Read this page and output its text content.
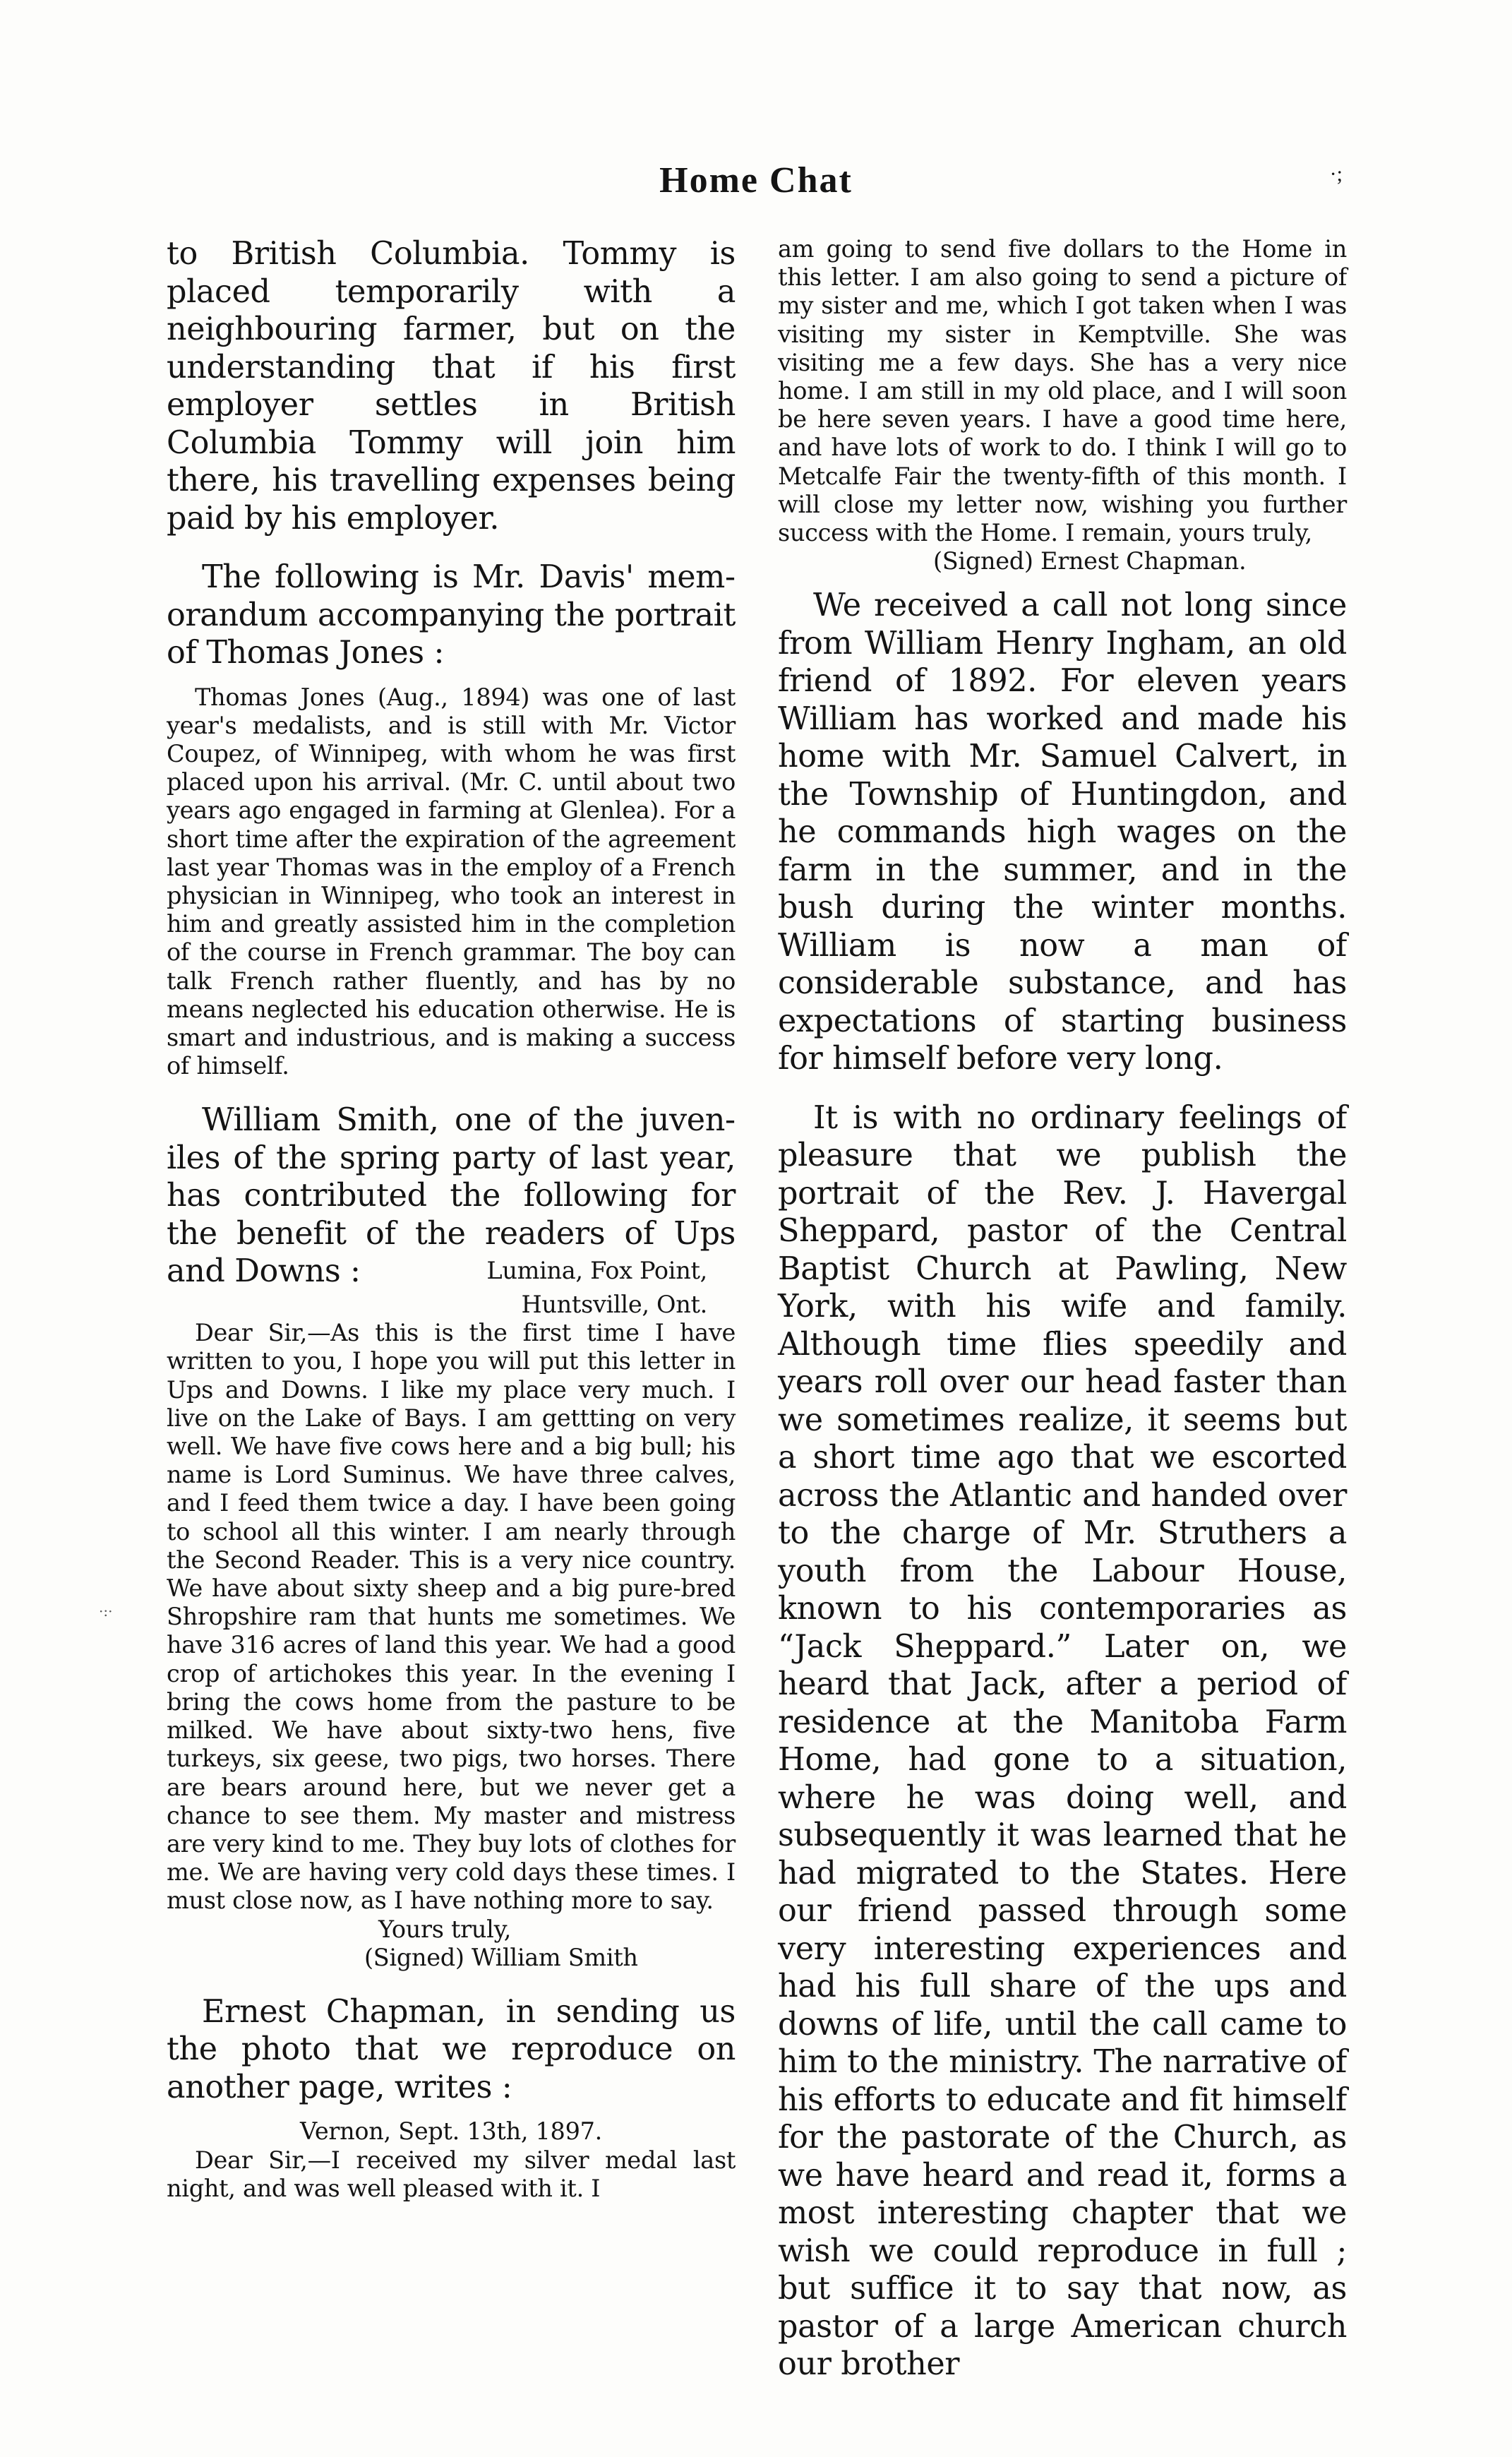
Home Chat	·;
·:·

to British Columbia. Tommy is placed temporarily with a neighbouring farmer, but on the understanding that if his first employer settles in British Columbia Tommy will join him there, his travelling expenses being paid by his employer.

The following is Mr. Davis' memorandum accompanying the portrait of Thomas Jones :

Thomas Jones (Aug., 1894) was one of last year's medalists, and is still with Mr. Victor Coupez, of Winnipeg, with whom he was first placed upon his arrival. (Mr. C. until about two years ago engaged in farming at Glenlea). For a short time after the expiration of the agreement last year Thomas was in the employ of a French physician in Winnipeg, who took an interest in him and greatly assisted him in the completion of the course in French grammar. The boy can talk French rather fluently, and has by no means neglected his education otherwise. He is smart and industrious, and is making a success of himself.

William Smith, one of the juveniles of the spring party of last year, has contributed the following for the benefit of the readers of Ups and Downs :	Lumina, Fox Point,

Huntsville, Ont.

Dear Sir,—As this is the first time I have written to you, I hope you will put this letter in Ups and Downs. I like my place very much. I live on the Lake of Bays. I am gettting on very well. We have five cows here and a big bull; his name is Lord Suminus. We have three calves, and I feed them twice a day. I have been going to school all this winter. I am nearly through the Second Reader. This is a very nice country. We have about sixty sheep and a big pure-bred Shropshire ram that hunts me sometimes. We have 316 acres of land this year. We had a good crop of artichokes this year. In the evening I bring the cows home from the pasture to be milked. We have about sixty-two hens, five turkeys, six geese, two pigs, two horses. There are bears around here, but we never get a chance to see them. My master and mistress are very kind to me. They buy lots of clothes for me. We are having very cold days these times. I must close now, as I have nothing more to say.

Yours truly,

(Signed) William Smith

Ernest Chapman, in sending us the photo that we reproduce on another page, writes :

Vernon, Sept. 13th, 1897.

Dear Sir,—I received my silver medal last night, and was well pleased with it. I

am going to send five dollars to the Home in this letter. I am also going to send a picture of my sister and me, which I got taken when I was visiting my sister in Kemptville. She was visiting me a few days. She has a very nice home. I am still in my old place, and I will soon be here seven years. I have a good time here, and have lots of work to do. I think I will go to Metcalfe Fair the twenty-fifth of this month. I will close my letter now, wishing you further success with the Home. I remain, yours truly,

(Signed) Ernest Chapman.

We received a call not long since from William Henry Ingham, an old friend of 1892. For eleven years William has worked and made his home with Mr. Samuel Calvert, in the Township of Huntingdon, and he commands high wages on the farm in the summer, and in the bush during the winter months. William is now a man of considerable substance, and has expectations of starting business for himself before very long.

It is with no ordinary feelings of pleasure that we publish the portrait of the Rev. J. Havergal Sheppard, pastor of the Central Baptist Church at Pawling, New York, with his wife and family. Although time flies speedily and years roll over our head faster than we sometimes realize, it seems but a short time ago that we escorted across the Atlantic and handed over to the charge of Mr. Struthers a youth from the Labour House, known to his contemporaries as “Jack Sheppard.” Later on, we heard that Jack, after a period of residence at the Manitoba Farm Home, had gone to a situation, where he was doing well, and subsequently it was learned that he had migrated to the States. Here our friend passed through some very interesting experiences and had his full share of the ups and downs of life, until the call came to him to the ministry. The narrative of his efforts to educate and fit himself for the pastorate of the Church, as we have heard and read it, forms a most interesting chapter that we wish we could reproduce in full ; but suffice it to say that now, as pastor of a large American church our brother
